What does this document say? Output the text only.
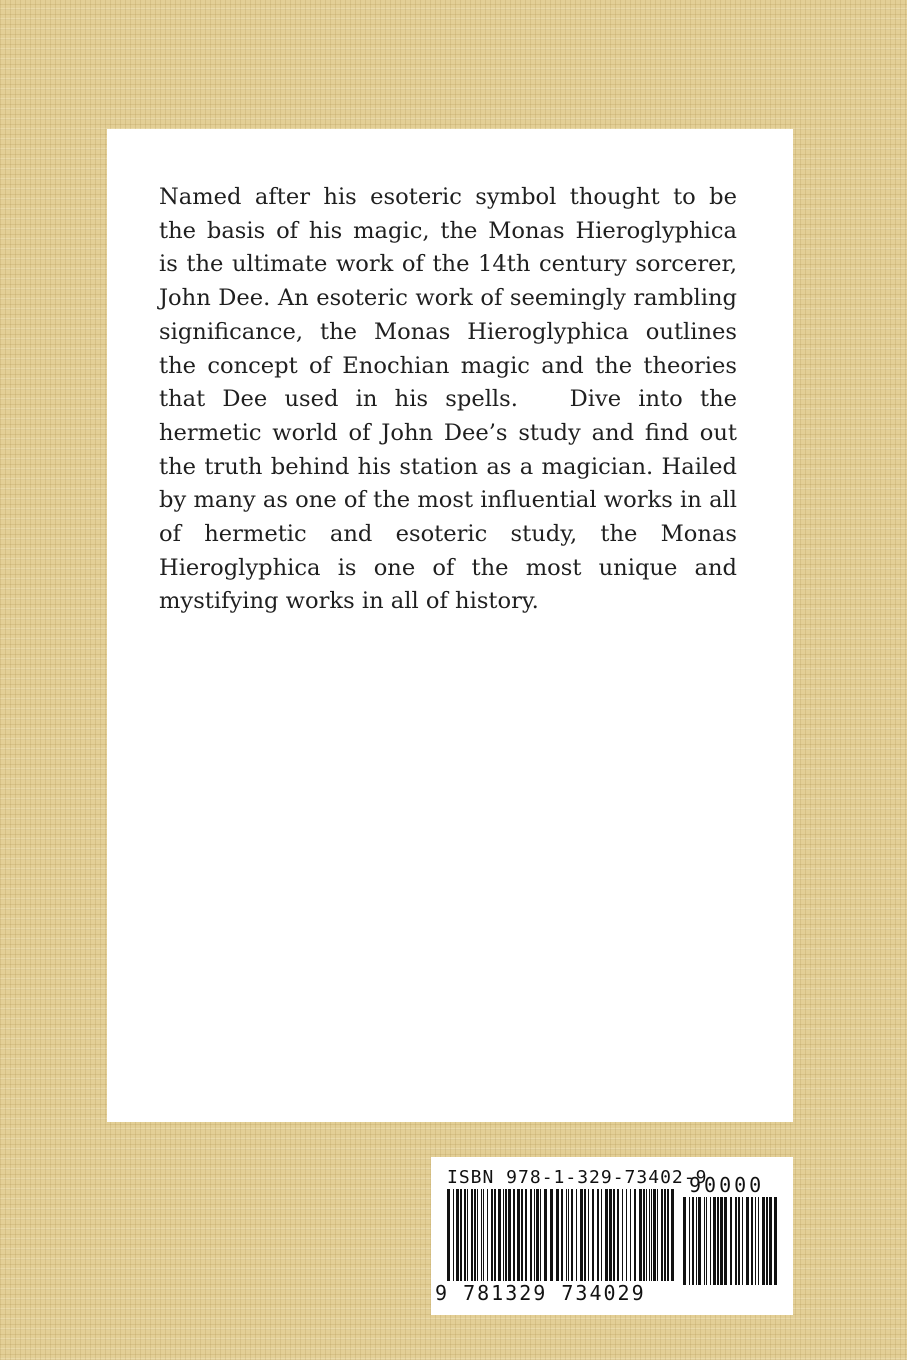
Named after his esoteric symbol thought to be the basis of his magic, the Monas Hieroglyphica is the ultimate work of the 14th century sorcerer, John Dee. An esoteric work of seemingly rambling significance, the Monas Hieroglyphica outlines the concept of Enochian magic and the theories that Dee used in his spells.   Dive into the hermetic world of John Dee’s study and find out the truth behind his station as a magician. Hailed by many as one of the most influential works in all of hermetic and esoteric study, the Monas Hieroglyphica is one of the most unique and mystifying works in all of history.

ISBN 978-1-329-73402-9

9 781329 734029

90000
